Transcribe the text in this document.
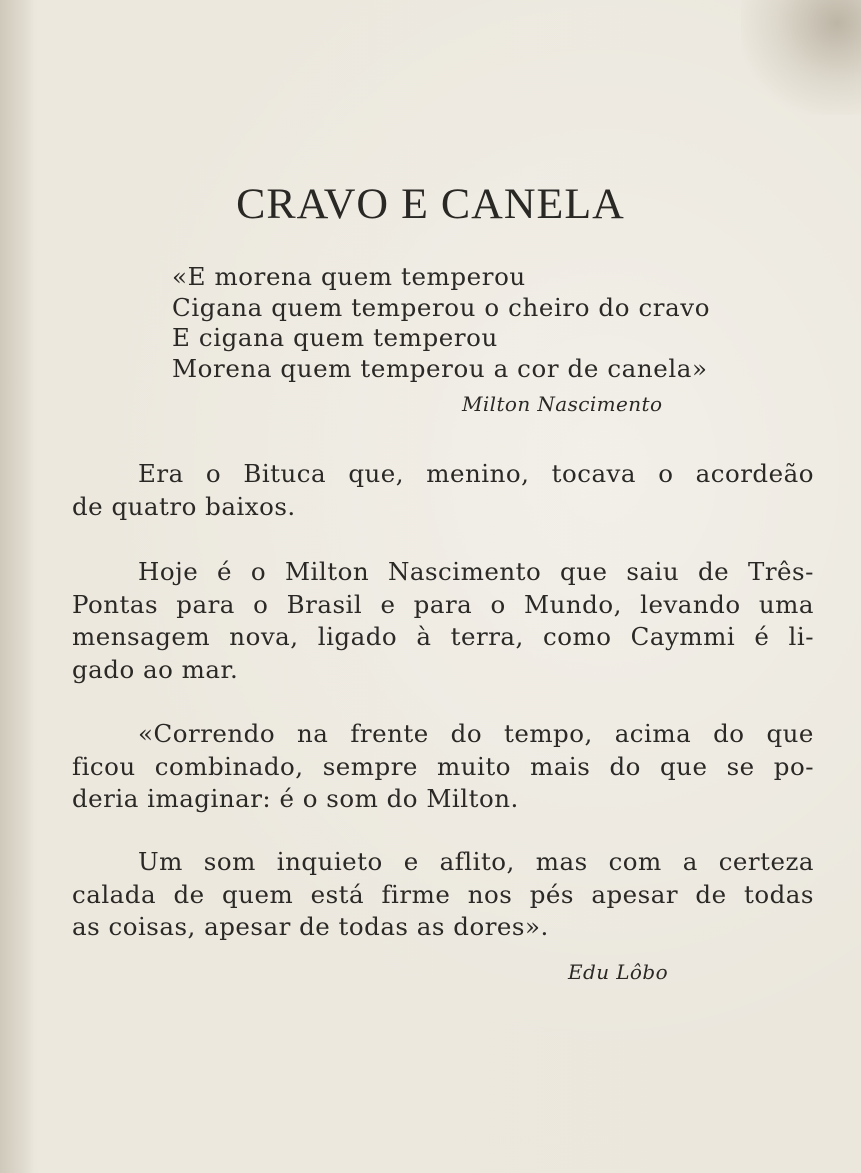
CRAVO E CANELA
«E morena quem temperou
Cigana quem temperou o cheiro do cravo
E cigana quem temperou
Morena quem temperou a cor de canela»
Milton Nascimento
Era o Bituca que, menino, tocava o acordeão
de quatro baixos.
Hoje é o Milton Nascimento que saiu de Três-
Pontas para o Brasil e para o Mundo, levando uma
mensagem nova, ligado à terra, como Caymmi é li-
gado ao mar.
«Correndo na frente do tempo, acima do que
ficou combinado, sempre muito mais do que se po-
deria imaginar: é o som do Milton.
Um som inquieto e aflito, mas com a certeza
calada de quem está firme nos pés apesar de todas
as coisas, apesar de todas as dores».
Edu Lôbo
